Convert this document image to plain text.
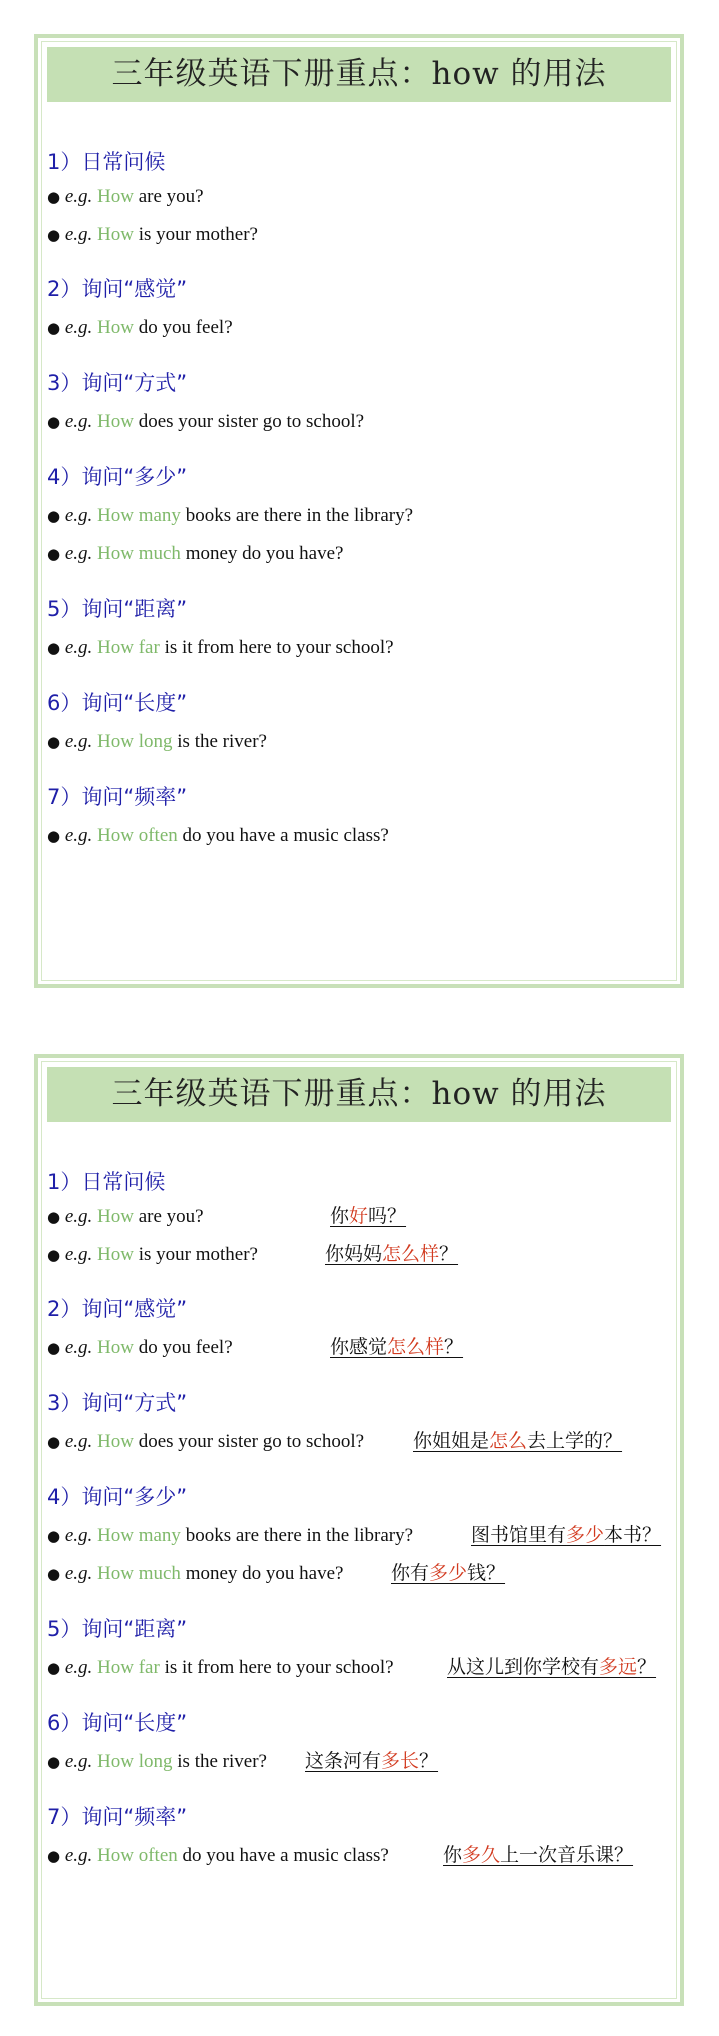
三年级英语下册重点：how 的用法
1）日常问候
● e.g. How are you?
● e.g. How is your mother?
2）询问“感觉”
● e.g. How do you feel?
3）询问“方式”
● e.g. How does your sister go to school?
4）询问“多少”
● e.g. How many books are there in the library?
● e.g. How much money do you have?
5）询问“距离”
● e.g. How far is it from here to your school?
6）询问“长度”
● e.g. How long is the river?
7）询问“频率”
● e.g. How often do you have a music class?
三年级英语下册重点：how 的用法
1）日常问候
● e.g. How are you?	你好吗？
● e.g. How is your mother?	你妈妈怎么样？
2）询问“感觉”
● e.g. How do you feel?	你感觉怎么样？
3）询问“方式”
● e.g. How does your sister go to school?	你姐姐是怎么去上学的？
4）询问“多少”
● e.g. How many books are there in the library?	图书馆里有多少本书？
● e.g. How much money do you have?	你有多少钱？
5）询问“距离”
● e.g. How far is it from here to your school?	从这儿到你学校有多远？
6）询问“长度”
● e.g. How long is the river? 这条河有多长？
7）询问“频率”
● e.g. How often do you have a music class?	你多久上一次音乐课？
